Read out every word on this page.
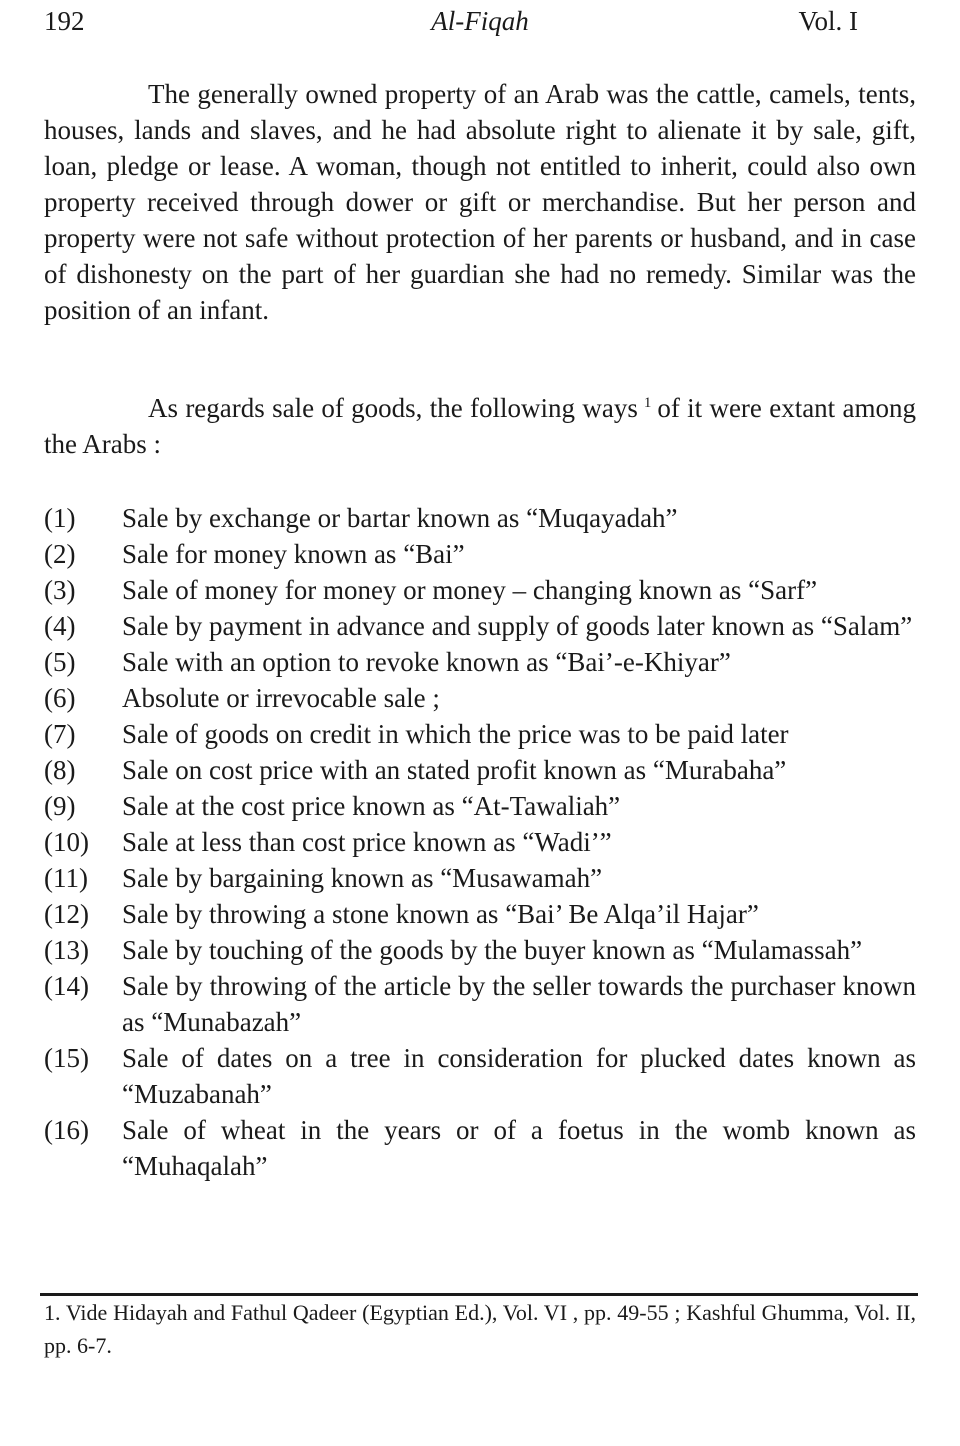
192	Al-Fiqah	Vol. I

The generally owned property of an Arab was the cattle, camels, tents, houses, lands and slaves, and he had absolute right to alienate it by sale, gift, loan, pledge or lease. A woman, though not entitled to inherit, could also own property received through dower or gift or merchandise. But her person and property were not safe without protection of her parents or husband, and in case of dishonesty on the part of her guardian she had no remedy. Similar was the position of an infant.

As regards sale of goods, the following ways $^1$ of it were extant among the Arabs :

(1)	Sale by exchange or bartar known as “Muqayadah”
(2)	Sale for money known as “Bai”
(3)	Sale of money for money or money – changing known as “Sarf”
(4)	Sale by payment in advance and supply of goods later known as “Salam”
(5)	Sale with an option to revoke known as “Bai’-e-Khiyar”
(6)	Absolute or irrevocable sale ;
(7)	Sale of goods on credit in which the price was to be paid later
(8)	Sale on cost price with an stated profit known as “Murabaha”
(9)	Sale at the cost price known as “At-Tawaliah”
(10)	Sale at less than cost price known as “Wadi’”
(11)	Sale by bargaining known as “Musawamah”
(12)	Sale by throwing a stone known as “Bai’ Be Alqa’il Hajar”
(13)	Sale by touching of the goods by the buyer known as “Mulamassah”
(14)	Sale by throwing of the article by the seller towards the purchaser known as “Munabazah”
(15)	Sale of dates on a tree in consideration for plucked dates known as “Muzabanah”
(16)	Sale of wheat in the years or of a foetus in the womb known as “Muhaqalah”

1. Vide Hidayah and Fathul Qadeer (Egyptian Ed.), Vol. VI , pp. 49-55 ; Kashful Ghumma, Vol. II, pp. 6-7.
